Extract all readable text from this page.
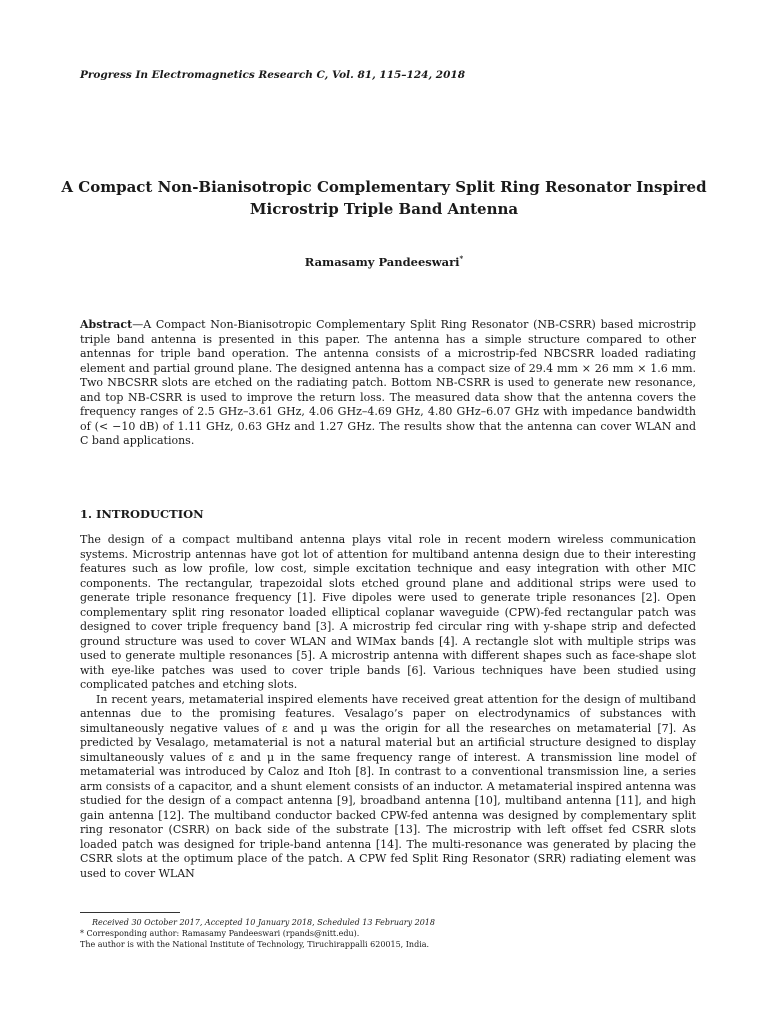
Progress In Electromagnetics Research C, Vol. 81, 115–124, 2018
A Compact Non-Bianisotropic Complementary Split Ring Resonator Inspired Microstrip Triple Band Antenna
Ramasamy Pandeeswari*

Abstract—A Compact Non-Bianisotropic Complementary Split Ring Resonator (NB-CSRR) based microstrip triple band antenna is presented in this paper. The antenna has a simple structure compared to other antennas for triple band operation. The antenna consists of a microstrip-fed NBCSRR loaded radiating element and partial ground plane. The designed antenna has a compact size of 29.4 mm × 26 mm × 1.6 mm. Two NBCSRR slots are etched on the radiating patch. Bottom NB-CSRR is used to generate new resonance, and top NB-CSRR is used to improve the return loss. The measured data show that the antenna covers the frequency ranges of 2.5 GHz–3.61 GHz, 4.06 GHz–4.69 GHz, 4.80 GHz–6.07 GHz with impedance bandwidth of (< −10 dB) of 1.11 GHz, 0.63 GHz and 1.27 GHz. The results show that the antenna can cover WLAN and C band applications.

1. INTRODUCTION

The design of a compact multiband antenna plays vital role in recent modern wireless communication systems. Microstrip antennas have got lot of attention for multiband antenna design due to their interesting features such as low profile, low cost, simple excitation technique and easy integration with other MIC components. The rectangular, trapezoidal slots etched ground plane and additional strips were used to generate triple resonance frequency [1]. Five dipoles were used to generate triple resonances [2]. Open complementary split ring resonator loaded elliptical coplanar waveguide (CPW)-fed rectangular patch was designed to cover triple frequency band [3]. A microstrip fed circular ring with y-shape strip and defected ground structure was used to cover WLAN and WIMax bands [4]. A rectangle slot with multiple strips was used to generate multiple resonances [5]. A microstrip antenna with different shapes such as face-shape slot with eye-like patches was used to cover triple bands [6]. Various techniques have been studied using complicated patches and etching slots.

In recent years, metamaterial inspired elements have received great attention for the design of multiband antennas due to the promising features. Vesalago’s paper on electrodynamics of substances with simultaneously negative values of ε and μ was the origin for all the researches on metamaterial [7]. As predicted by Vesalago, metamaterial is not a natural material but an artificial structure designed to display simultaneously values of ε and μ in the same frequency range of interest. A transmission line model of metamaterial was introduced by Caloz and Itoh [8]. In contrast to a conventional transmission line, a series arm consists of a capacitor, and a shunt element consists of an inductor. A metamaterial inspired antenna was studied for the design of a compact antenna [9], broadband antenna [10], multiband antenna [11], and high gain antenna [12]. The multiband conductor backed CPW-fed antenna was designed by complementary split ring resonator (CSRR) on back side of the substrate [13]. The microstrip with left offset fed CSRR slots loaded patch was designed for triple-band antenna [14]. The multi-resonance was generated by placing the CSRR slots at the optimum place of the patch. A CPW fed Split Ring Resonator (SRR) radiating element was used to cover WLAN

Received 30 October 2017, Accepted 10 January 2018, Scheduled 13 February 2018
* Corresponding author: Ramasamy Pandeeswari (rpands@nitt.edu).
The author is with the National Institute of Technology, Tiruchirappalli 620015, India.
